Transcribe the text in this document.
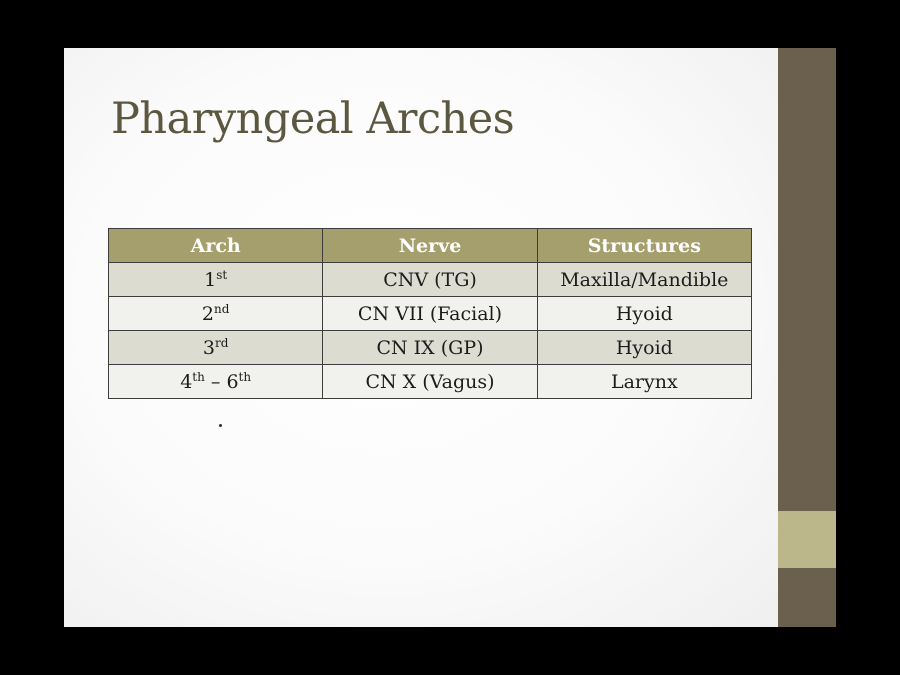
Pharyngeal Arches
Arch	Nerve	Structures
1st	CNV (TG)	Maxilla/Mandible
2nd	CN VII (Facial)	Hyoid
3rd	CN IX (GP)	Hyoid
4th – 6th	CN X (Vagus)	Larynx
